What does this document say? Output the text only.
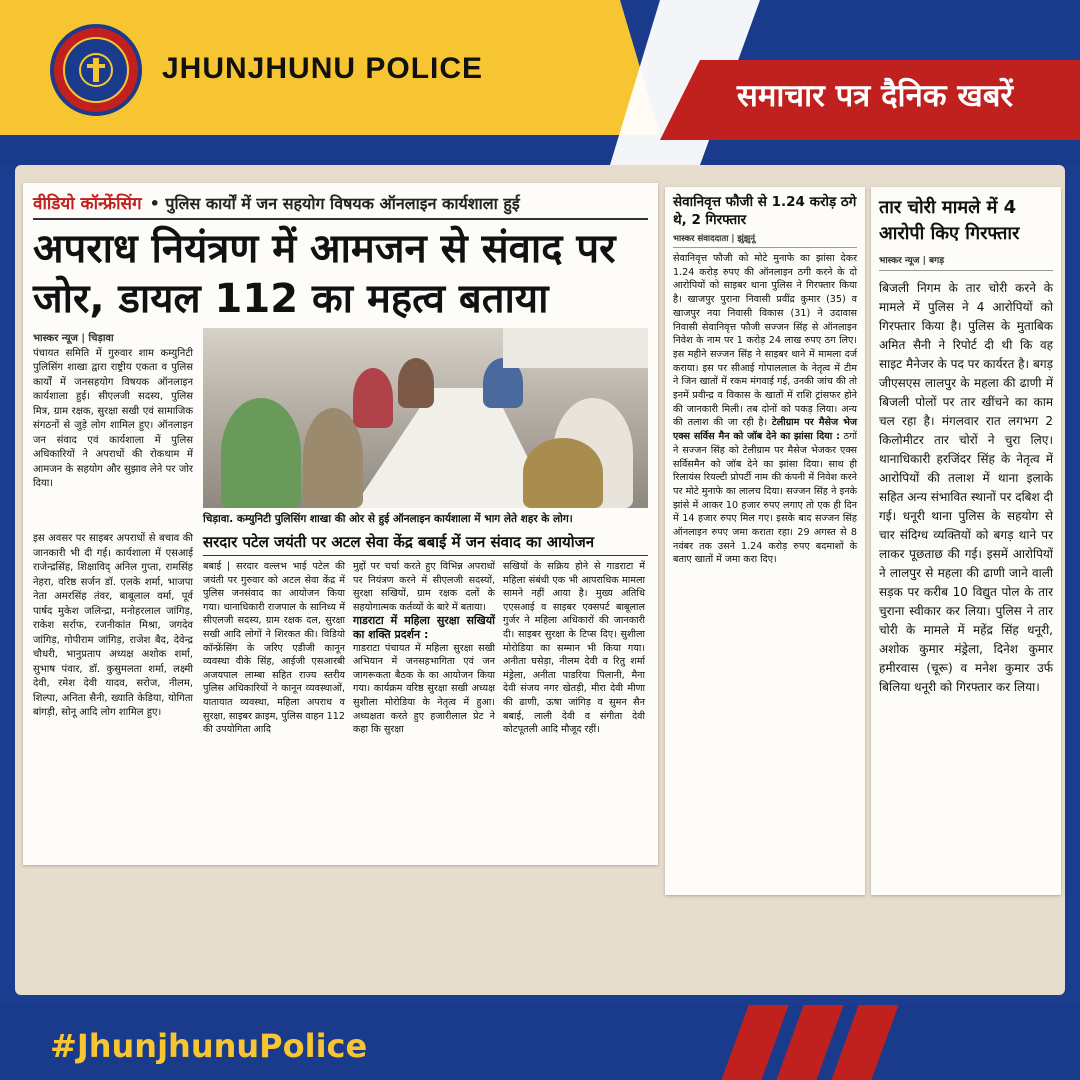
JHUNJHUNU POLICE
समाचार पत्र दैनिक खबरें
वीडियो कॉन्फ्रेंसिंग • पुलिस कार्यों में जन सहयोग विषयक ऑनलाइन कार्यशाला हुई
अपराध नियंत्रण में आमजन से संवाद पर जोर, डायल 112 का महत्व बताया
भास्कर न्यूज | चिड़ावा
पंचायत समिति में गुरुवार शाम कम्युनिटी पुलिसिंग शाखा द्वारा राष्ट्रीय एकता व पुलिस कार्यों में जनसहयोग विषयक ऑनलाइन कार्यशाला हुई। सीएलजी सदस्य, पुलिस मित्र, ग्राम रक्षक, सुरक्षा सखी एवं सामाजिक संगठनों से जुड़े लोग शामिल हुए। ऑनलाइन जन संवाद एवं कार्यशाला में पुलिस अधिकारियों ने अपराधों की रोकथाम में आमजन के सहयोग और सुझाव लेने पर जोर दिया।
चिड़ावा. कम्युनिटी पुलिसिंग शाखा की ओर से हुई ऑनलाइन कार्यशाला में भाग लेते शहर के लोग।
इस अवसर पर साइबर अपराधों से बचाव की जानकारी भी दी गई। कार्यशाला में एसआई राजेन्द्रसिंह, शिक्षाविद् अनिल गुप्ता, रामसिंह नेहरा, वरिष्ठ सर्जन डॉ. एलके शर्मा, भाजपा नेता अमरसिंह तंवर, बाबूलाल वर्मा, पूर्व पार्षद मुकेश जलिन्द्रा, मनोहरलाल जांगिड़, राकेश सर्राफ, रजनीकांत मिश्रा, जगदेव जांगिड़, गोपीराम जांगिड़, राजेश बैद, देवेन्द्र चौधरी, भानुप्रताप अध्यक्ष अशोक शर्मा, सुभाष पंवार, डॉ. कुसुमलता शर्मा, लक्ष्मी देवी, रमेश देवी यादव, सरोज, नीलम, शिल्पा, अनिता सैनी, ख्याति केडिया, योगिता बांगड़ी, सोनू आदि लोग शामिल हुए।
सरदार पटेल जयंती पर अटल सेवा केंद्र बबाई में जन संवाद का आयोजन
बबाई | सरदार वल्लभ भाई पटेल की जयंती पर गुरुवार को अटल सेवा केंद्र में पुलिस जनसंवाद का आयोजन किया गया। थानाधिकारी राजपाल के सानिध्य में सीएलजी सदस्य, ग्राम रक्षक दल, सुरक्षा सखी आदि लोगों ने शिरकत की। विडियो कॉन्फ्रेंसिंग के जरिए एडीजी कानून व्यवस्था वीके सिंह, आईजी एसआरबी अजयपाल लाम्बा सहित राज्य स्तरीय पुलिस अधिकारियों ने कानून व्यवस्थाओं, यातायात व्यवस्था, महिला अपराध व सुरक्षा, साइबर क्राइम, पुलिस वाहन 112 की उपयोगिता आदि
मुद्दों पर चर्चा करते हुए विभिन्न अपराधों पर नियंत्रण करने में सीएलजी सदस्यों, सुरक्षा सखियों, ग्राम रक्षक दलों के सहयोगात्मक कर्तव्यों के बारे में बताया।
गाडराटा में महिला सुरक्षा सखियों का शक्ति प्रदर्शन :
गाडराटा पंचायत में महिला सुरक्षा सखी अभियान में जनसहभागिता एवं जन जागरूकता बैठक के का आयोजन किया गया। कार्यक्रम वरिष्ठ सुरक्षा सखी अध्यक्ष सुशीला मोरोडिया के नेतृत्व में हुआ। अध्यक्षता करते हुए हजारीलाल प्रेट ने कहा कि सुरक्षा
सखियों के सक्रिय होने से गाडराटा में महिला संबंधी एक भी आपराधिक मामला सामने नहीं आया है। मुख्य अतिथि एएसआई व साइबर एक्सपर्ट बाबूलाल गुर्जर ने महिला अधिकारों की जानकारी दी। साइबर सुरक्षा के टिप्स दिए। सुशीला मोरोडिया का सम्मान भी किया गया। अनीता घसेड़ा, नीलम देवी व रितु शर्मा मंड्रेला, अनीता पाडरिया पिलानी, मैना देवी संजय नगर खेतड़ी, मीरा देवी मीणा की ढाणी, ऊषा जांगिड़ व सुमन सैन बबाई, लाली देवी व संगीता देवी कोटपूतली आदि मौजूद रहीं।
सेवानिवृत्त फौजी से 1.24 करोड़ ठगे थे, 2 गिरफ्तार
भास्कर संवाददाता | झुंझुनूं
सेवानिवृत्त फौजी को मोटे मुनाफे का झांसा देकर 1.24 करोड़ रुपए की ऑनलाइन ठगी करने के दो आरोपियों को साइबर थाना पुलिस ने गिरफ्तार किया है। खाजपुर पुराना निवासी प्रवींद्र कुमार (35) व खाजपुर नया निवासी विकास (31) ने उदावास निवासी सेवानिवृत्त फौजी सज्जन सिंह से ऑनलाइन निवेश के नाम पर 1 करोड़ 24 लाख रुपए ठग लिए। इस महीने सज्जन सिंह ने साइबर थाने में मामला दर्ज कराया। इस पर सीआई गोपाललाल के नेतृत्व में टीम ने जिन खातों में रकम मंगवाई गई, उनकी जांच की तो इनमें प्रवीन्द्र व विकास के खातों में राशि ट्रांसफर होने की जानकारी मिली। तब दोनों को पकड़ लिया। अन्य की तलाश की जा रही है। टेलीग्राम पर मैसेज भेज एक्स सर्विस मैन को जॉब देने का झांसा दिया : ठगों ने सज्जन सिंह को टेलीग्राम पर मैसेज भेजकर एक्स सर्विसमैन को जॉब देने का झांसा दिया। साथ ही रिलायंस रियल्टी प्रोपर्टी नाम की कंपनी में निवेश करने पर मोटे मुनाफे का लालच दिया। सज्जन सिंह ने इनके झांसे में आकर 10 हजार रुपए लगाए तो एक ही दिन में 14 हजार रुपए मिल गए। इसके बाद सज्जन सिंह ऑनलाइन रुपए जमा कराता रहा। 29 अगस्त से 8 नवंबर तक उसने 1.24 करोड़ रुपए बदमाशों के बताए खातों में जमा करा दिए।
तार चोरी मामले में 4 आरोपी किए गिरफ्तार
भास्कर न्यूज | बगड़
बिजली निगम के तार चोरी करने के मामले में पुलिस ने 4 आरोपियों को गिरफ्तार किया है। पुलिस के मुताबिक अमित सैनी ने रिपोर्ट दी थी कि वह साइट मैनेजर के पद पर कार्यरत है। बगड़ जीएसएस लालपुर के महला की ढाणी में बिजली पोलों पर तार खींचने का काम चल रहा है। मंगलवार रात लगभग 2 किलोमीटर तार चोरों ने चुरा लिए। थानाधिकारी हरजिंदर सिंह के नेतृत्व में आरोपियों की तलाश में थाना इलाके सहित अन्य संभावित स्थानों पर दबिश दी गई। धनूरी थाना पुलिस के सहयोग से चार संदिग्ध व्यक्तियों को बगड़ थाने पर लाकर पूछताछ की गई। इसमें आरोपियों ने लालपुर से महला की ढाणी जाने वाली सड़क पर करीब 10 विद्युत पोल के तार चुराना स्वीकार कर लिया। पुलिस ने तार चोरी के मामले में महेंद्र सिंह धनूरी, अशोक कुमार मंड्रेला, दिनेश कुमार हमीरवास (चूरू) व मनेश कुमार उर्फ बिलिया धनूरी को गिरफ्तार कर लिया।
#JhunjhunuPolice
